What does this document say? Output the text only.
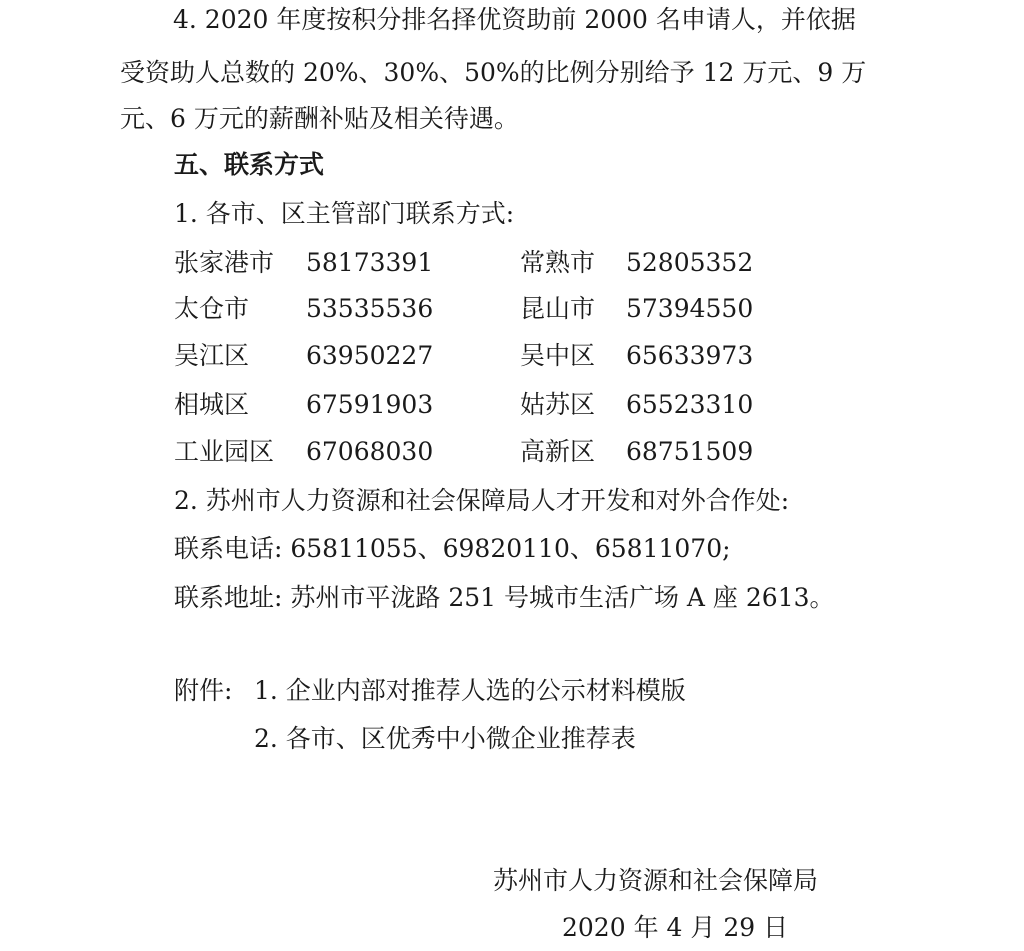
4. 2020 年度按积分排名择优资助前 2000 名申请人，并依据
受资助人总数的 20%、30%、50%的比例分别给予 12 万元、9 万
元、6 万元的薪酬补贴及相关待遇。
五、联系方式
1. 各市、区主管部门联系方式:
张家港市 58173391	常熟市 52805352
太仓市 53535536	昆山市 57394550
吴江区 63950227	吴中区 65633973
相城区 67591903	姑苏区 65523310
工业园区 67068030	高新区 68751509
2. 苏州市人力资源和社会保障局人才开发和对外合作处:
联系电话: 65811055、69820110、65811070;
联系地址: 苏州市平泷路 251 号城市生活广场 A 座 2613。
附件: 1. 企业内部对推荐人选的公示材料模版
2. 各市、区优秀中小微企业推荐表
苏州市人力资源和社会保障局
2020 年 4 月 29 日
